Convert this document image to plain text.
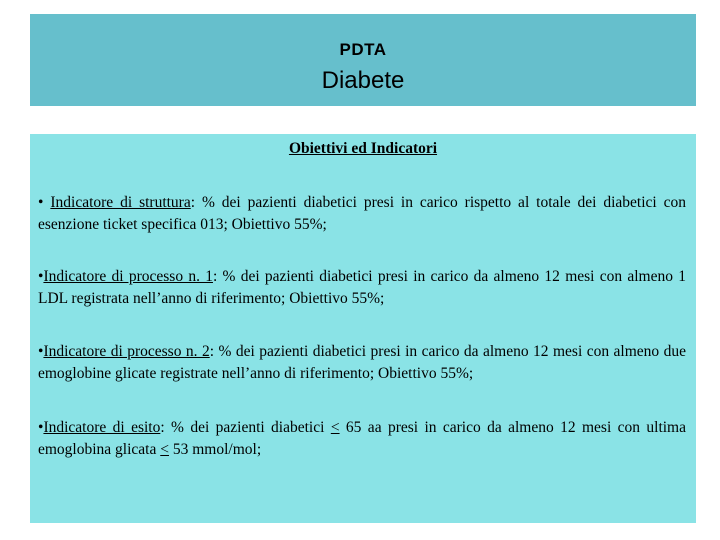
PDTA
Diabete
Obiettivi ed Indicatori
• Indicatore di struttura: % dei pazienti diabetici presi in carico rispetto al totale dei diabetici con esenzione ticket specifica 013; Obiettivo 55%;
•Indicatore di processo n. 1: % dei pazienti diabetici presi in carico da almeno 12 mesi con almeno 1 LDL registrata nell’anno di riferimento; Obiettivo 55%;
•Indicatore di processo n. 2: % dei pazienti diabetici presi in carico da almeno 12 mesi con almeno due emoglobine glicate registrate nell’anno di riferimento; Obiettivo 55%;
•Indicatore di esito: % dei pazienti diabetici ≤ 65 aa presi in carico da almeno 12 mesi con ultima emoglobina glicata ≤ 53 mmol/mol;
